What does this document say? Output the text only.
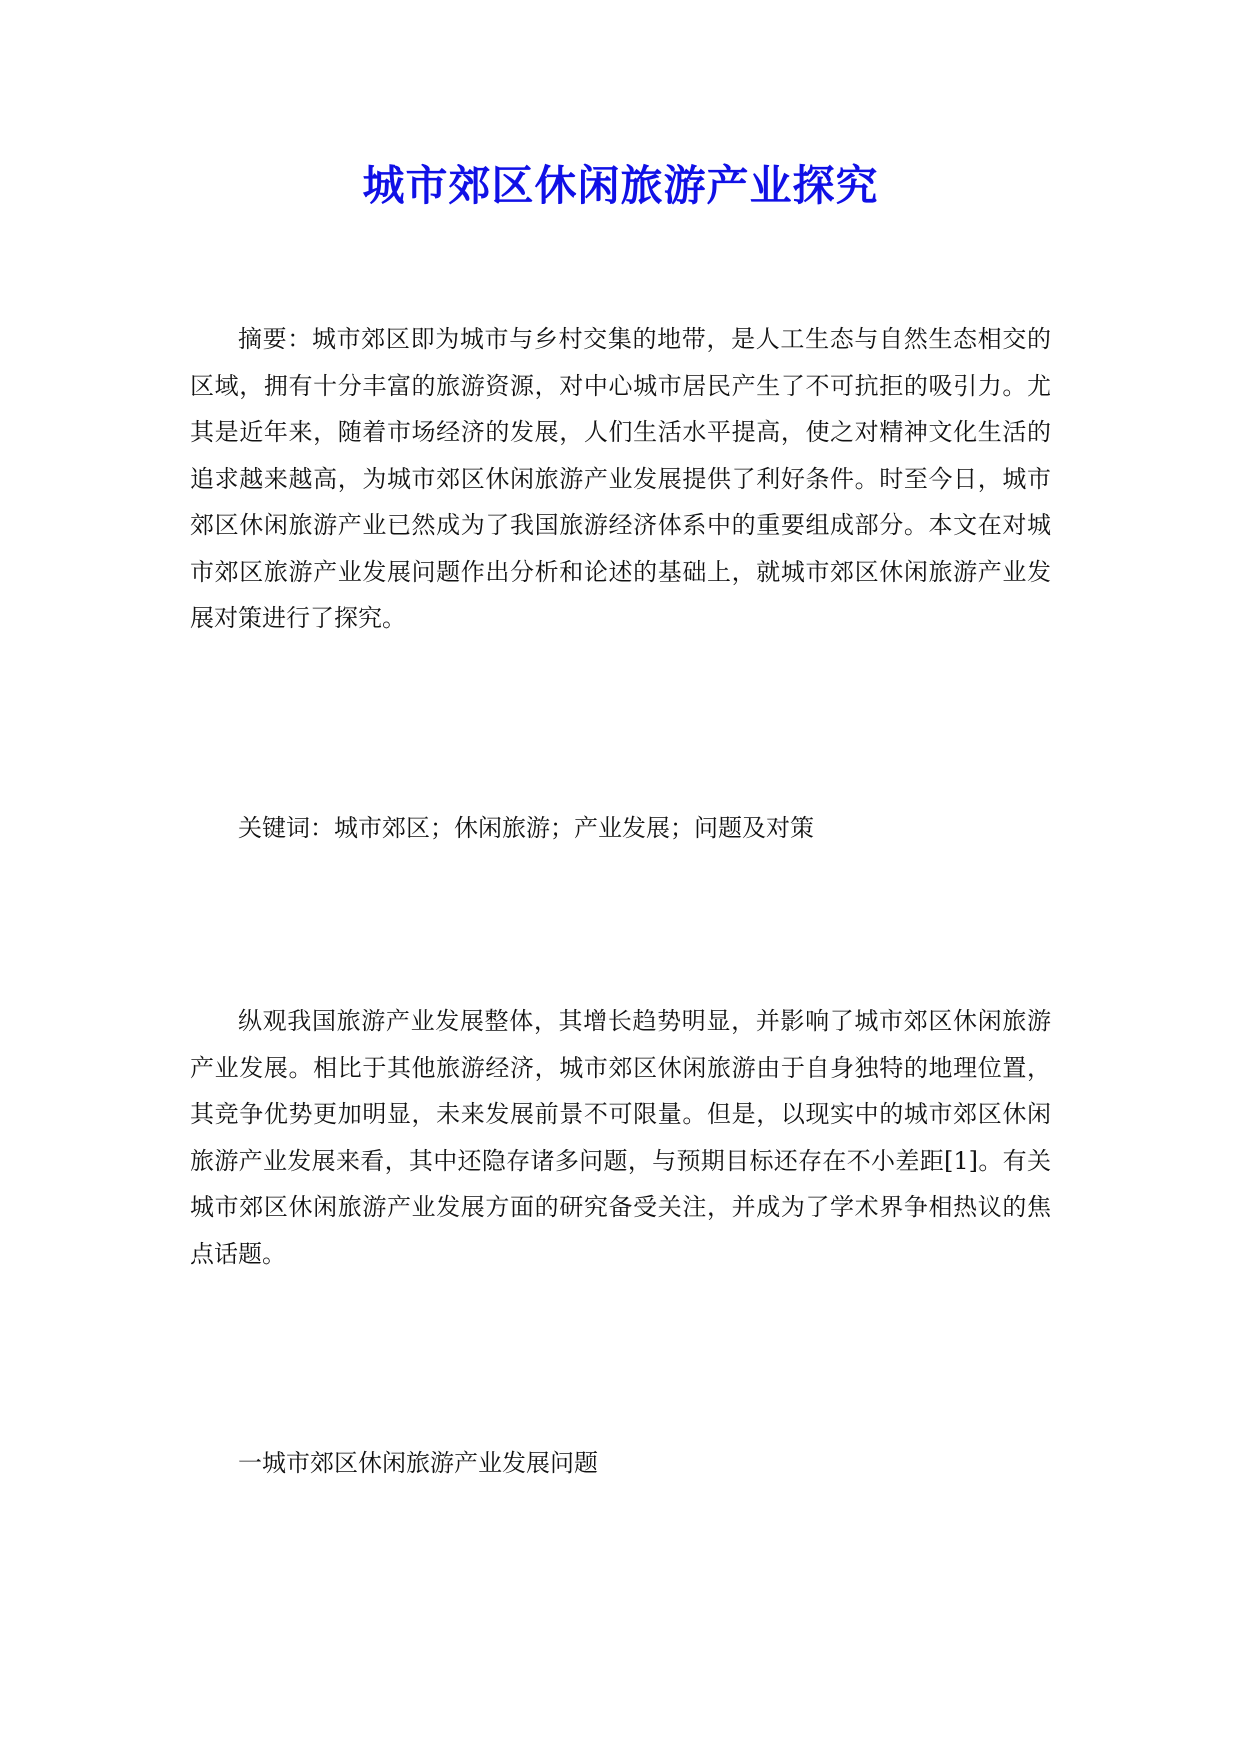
城市郊区休闲旅游产业探究

摘要：城市郊区即为城市与乡村交集的地带，是人工生态与自然生态相交的区域，拥有十分丰富的旅游资源，对中心城市居民产生了不可抗拒的吸引力。尤其是近年来，随着市场经济的发展，人们生活水平提高，使之对精神文化生活的追求越来越高，为城市郊区休闲旅游产业发展提供了利好条件。时至今日，城市郊区休闲旅游产业已然成为了我国旅游经济体系中的重要组成部分。本文在对城市郊区旅游产业发展问题作出分析和论述的基础上，就城市郊区休闲旅游产业发展对策进行了探究。

关键词：城市郊区；休闲旅游；产业发展；问题及对策

纵观我国旅游产业发展整体，其增长趋势明显，并影响了城市郊区休闲旅游产业发展。相比于其他旅游经济，城市郊区休闲旅游由于自身独特的地理位置，其竞争优势更加明显，未来发展前景不可限量。但是，以现实中的城市郊区休闲旅游产业发展来看，其中还隐存诸多问题，与预期目标还存在不小差距[1]。有关城市郊区休闲旅游产业发展方面的研究备受关注，并成为了学术界争相热议的焦点话题。

一城市郊区休闲旅游产业发展问题
